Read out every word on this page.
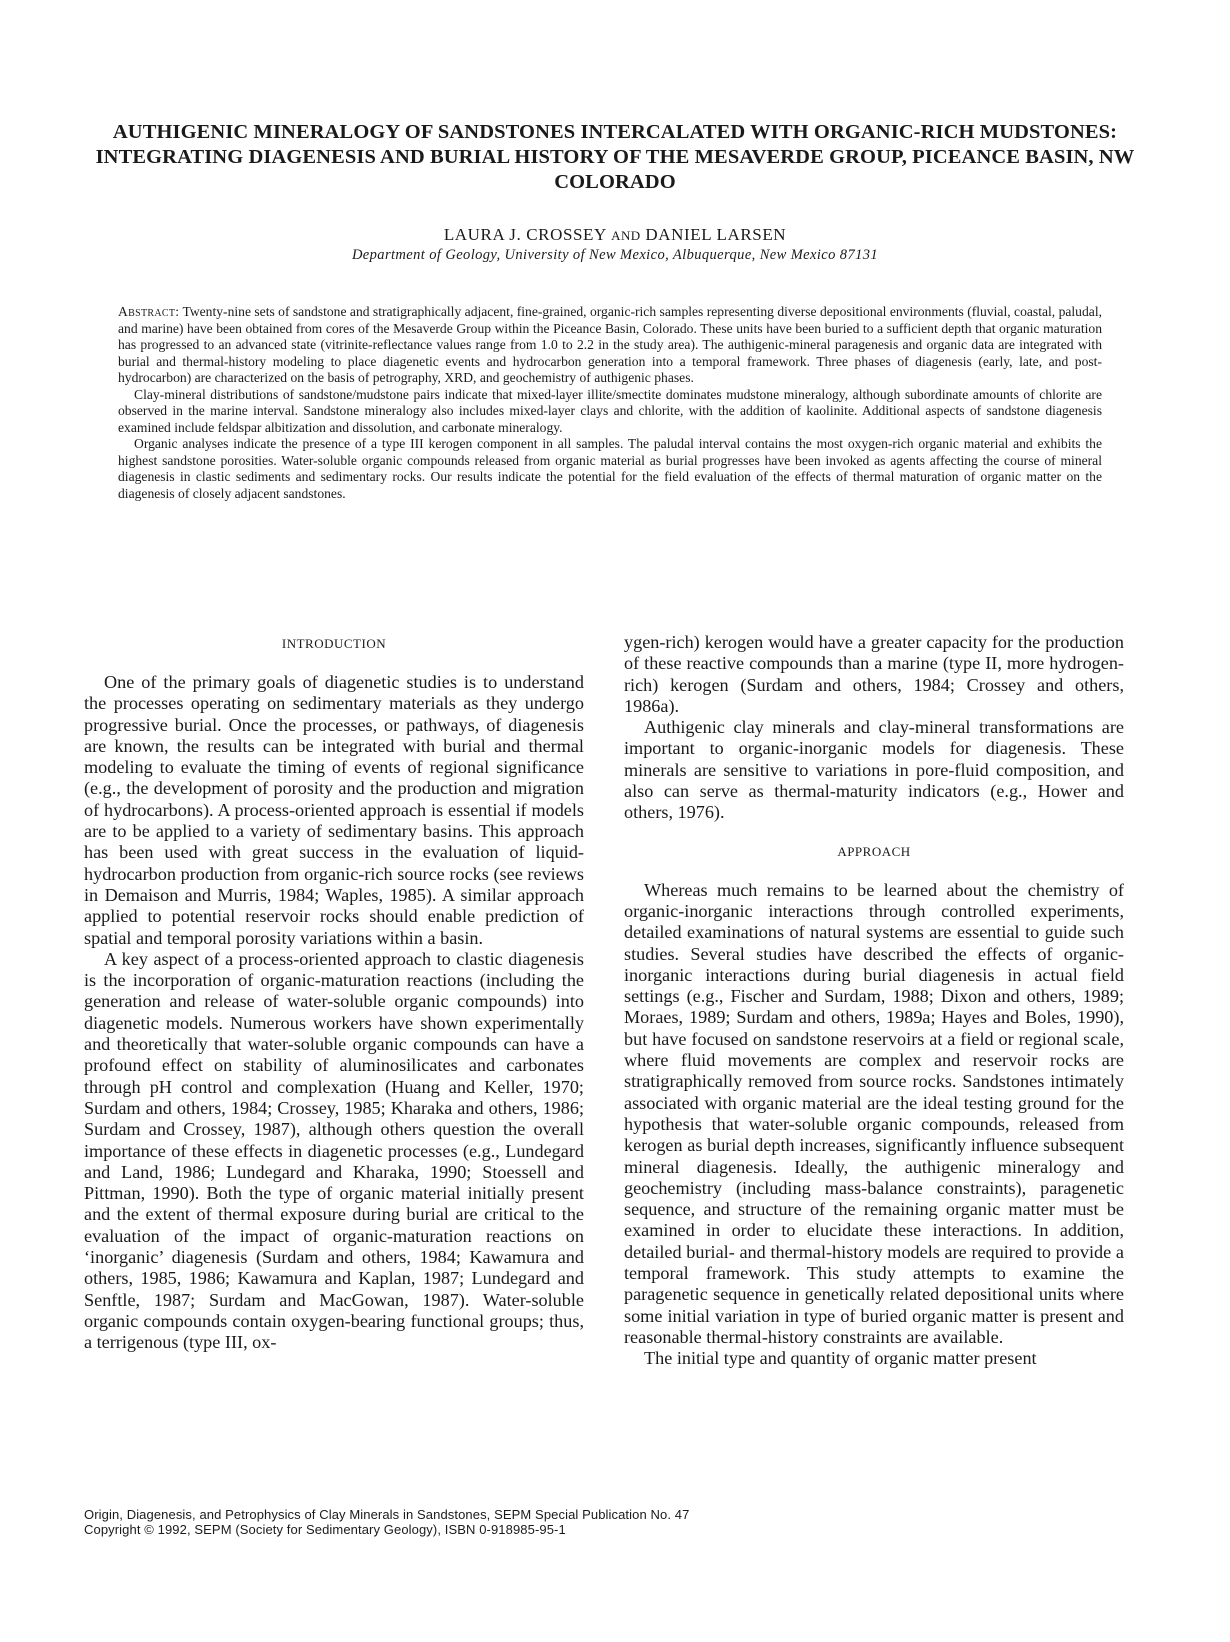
AUTHIGENIC MINERALOGY OF SANDSTONES INTERCALATED WITH ORGANIC-RICH MUDSTONES: INTEGRATING DIAGENESIS AND BURIAL HISTORY OF THE MESAVERDE GROUP, PICEANCE BASIN, NW COLORADO
LAURA J. CROSSEY AND DANIEL LARSEN
Department of Geology, University of New Mexico, Albuquerque, New Mexico 87131

Abstract: Twenty-nine sets of sandstone and stratigraphically adjacent, fine-grained, organic-rich samples representing diverse depositional environments (fluvial, coastal, paludal, and marine) have been obtained from cores of the Mesaverde Group within the Piceance Basin, Colorado. These units have been buried to a sufficient depth that organic maturation has progressed to an advanced state (vitrinite-reflectance values range from 1.0 to 2.2 in the study area). The authigenic-mineral paragenesis and organic data are integrated with burial and thermal-history modeling to place diagenetic events and hydrocarbon generation into a temporal framework. Three phases of diagenesis (early, late, and post-hydrocarbon) are characterized on the basis of petrography, XRD, and geochemistry of authigenic phases.

Clay-mineral distributions of sandstone/mudstone pairs indicate that mixed-layer illite/smectite dominates mudstone mineralogy, although subordinate amounts of chlorite are observed in the marine interval. Sandstone mineralogy also includes mixed-layer clays and chlorite, with the addition of kaolinite. Additional aspects of sandstone diagenesis examined include feldspar albitization and dissolution, and carbonate mineralogy.

Organic analyses indicate the presence of a type III kerogen component in all samples. The paludal interval contains the most oxygen-rich organic material and exhibits the highest sandstone porosities. Water-soluble organic compounds released from organic material as burial progresses have been invoked as agents affecting the course of mineral diagenesis in clastic sediments and sedimentary rocks. Our results indicate the potential for the field evaluation of the effects of thermal maturation of organic matter on the diagenesis of closely adjacent sandstones.

INTRODUCTION

One of the primary goals of diagenetic studies is to understand the processes operating on sedimentary materials as they undergo progressive burial. Once the processes, or pathways, of diagenesis are known, the results can be integrated with burial and thermal modeling to evaluate the timing of events of regional significance (e.g., the development of porosity and the production and migration of hydrocarbons). A process-oriented approach is essential if models are to be applied to a variety of sedimentary basins. This approach has been used with great success in the evaluation of liquid-hydrocarbon production from organic-rich source rocks (see reviews in Demaison and Murris, 1984; Waples, 1985). A similar approach applied to potential reservoir rocks should enable prediction of spatial and temporal porosity variations within a basin.

A key aspect of a process-oriented approach to clastic diagenesis is the incorporation of organic-maturation reactions (including the generation and release of water-soluble organic compounds) into diagenetic models. Numerous workers have shown experimentally and theoretically that water-soluble organic compounds can have a profound effect on stability of aluminosilicates and carbonates through pH control and complexation (Huang and Keller, 1970; Surdam and others, 1984; Crossey, 1985; Kharaka and others, 1986; Surdam and Crossey, 1987), although others question the overall importance of these effects in diagenetic processes (e.g., Lundegard and Land, 1986; Lundegard and Kharaka, 1990; Stoessell and Pittman, 1990). Both the type of organic material initially present and the extent of thermal exposure during burial are critical to the evaluation of the impact of organic-maturation reactions on ‘inorganic’ diagenesis (Surdam and others, 1984; Kawamura and others, 1985, 1986; Kawamura and Kaplan, 1987; Lundegard and Senftle, 1987; Surdam and MacGowan, 1987). Water-soluble organic compounds contain oxygen-bearing functional groups; thus, a terrigenous (type III, ox-

ygen-rich) kerogen would have a greater capacity for the production of these reactive compounds than a marine (type II, more hydrogen-rich) kerogen (Surdam and others, 1984; Crossey and others, 1986a).

Authigenic clay minerals and clay-mineral transformations are important to organic-inorganic models for diagenesis. These minerals are sensitive to variations in pore-fluid composition, and also can serve as thermal-maturity indicators (e.g., Hower and others, 1976).

APPROACH

Whereas much remains to be learned about the chemistry of organic-inorganic interactions through controlled experiments, detailed examinations of natural systems are essential to guide such studies. Several studies have described the effects of organic-inorganic interactions during burial diagenesis in actual field settings (e.g., Fischer and Surdam, 1988; Dixon and others, 1989; Moraes, 1989; Surdam and others, 1989a; Hayes and Boles, 1990), but have focused on sandstone reservoirs at a field or regional scale, where fluid movements are complex and reservoir rocks are stratigraphically removed from source rocks. Sandstones intimately associated with organic material are the ideal testing ground for the hypothesis that water-soluble organic compounds, released from kerogen as burial depth increases, significantly influence subsequent mineral diagenesis. Ideally, the authigenic mineralogy and geochemistry (including mass-balance constraints), paragenetic sequence, and structure of the remaining organic matter must be examined in order to elucidate these interactions. In addition, detailed burial- and thermal-history models are required to provide a temporal framework. This study attempts to examine the paragenetic sequence in genetically related depositional units where some initial variation in type of buried organic matter is present and reasonable thermal-history constraints are available.

The initial type and quantity of organic matter present

Origin, Diagenesis, and Petrophysics of Clay Minerals in Sandstones, SEPM Special Publication No. 47
Copyright © 1992, SEPM (Society for Sedimentary Geology), ISBN 0-918985-95-1
